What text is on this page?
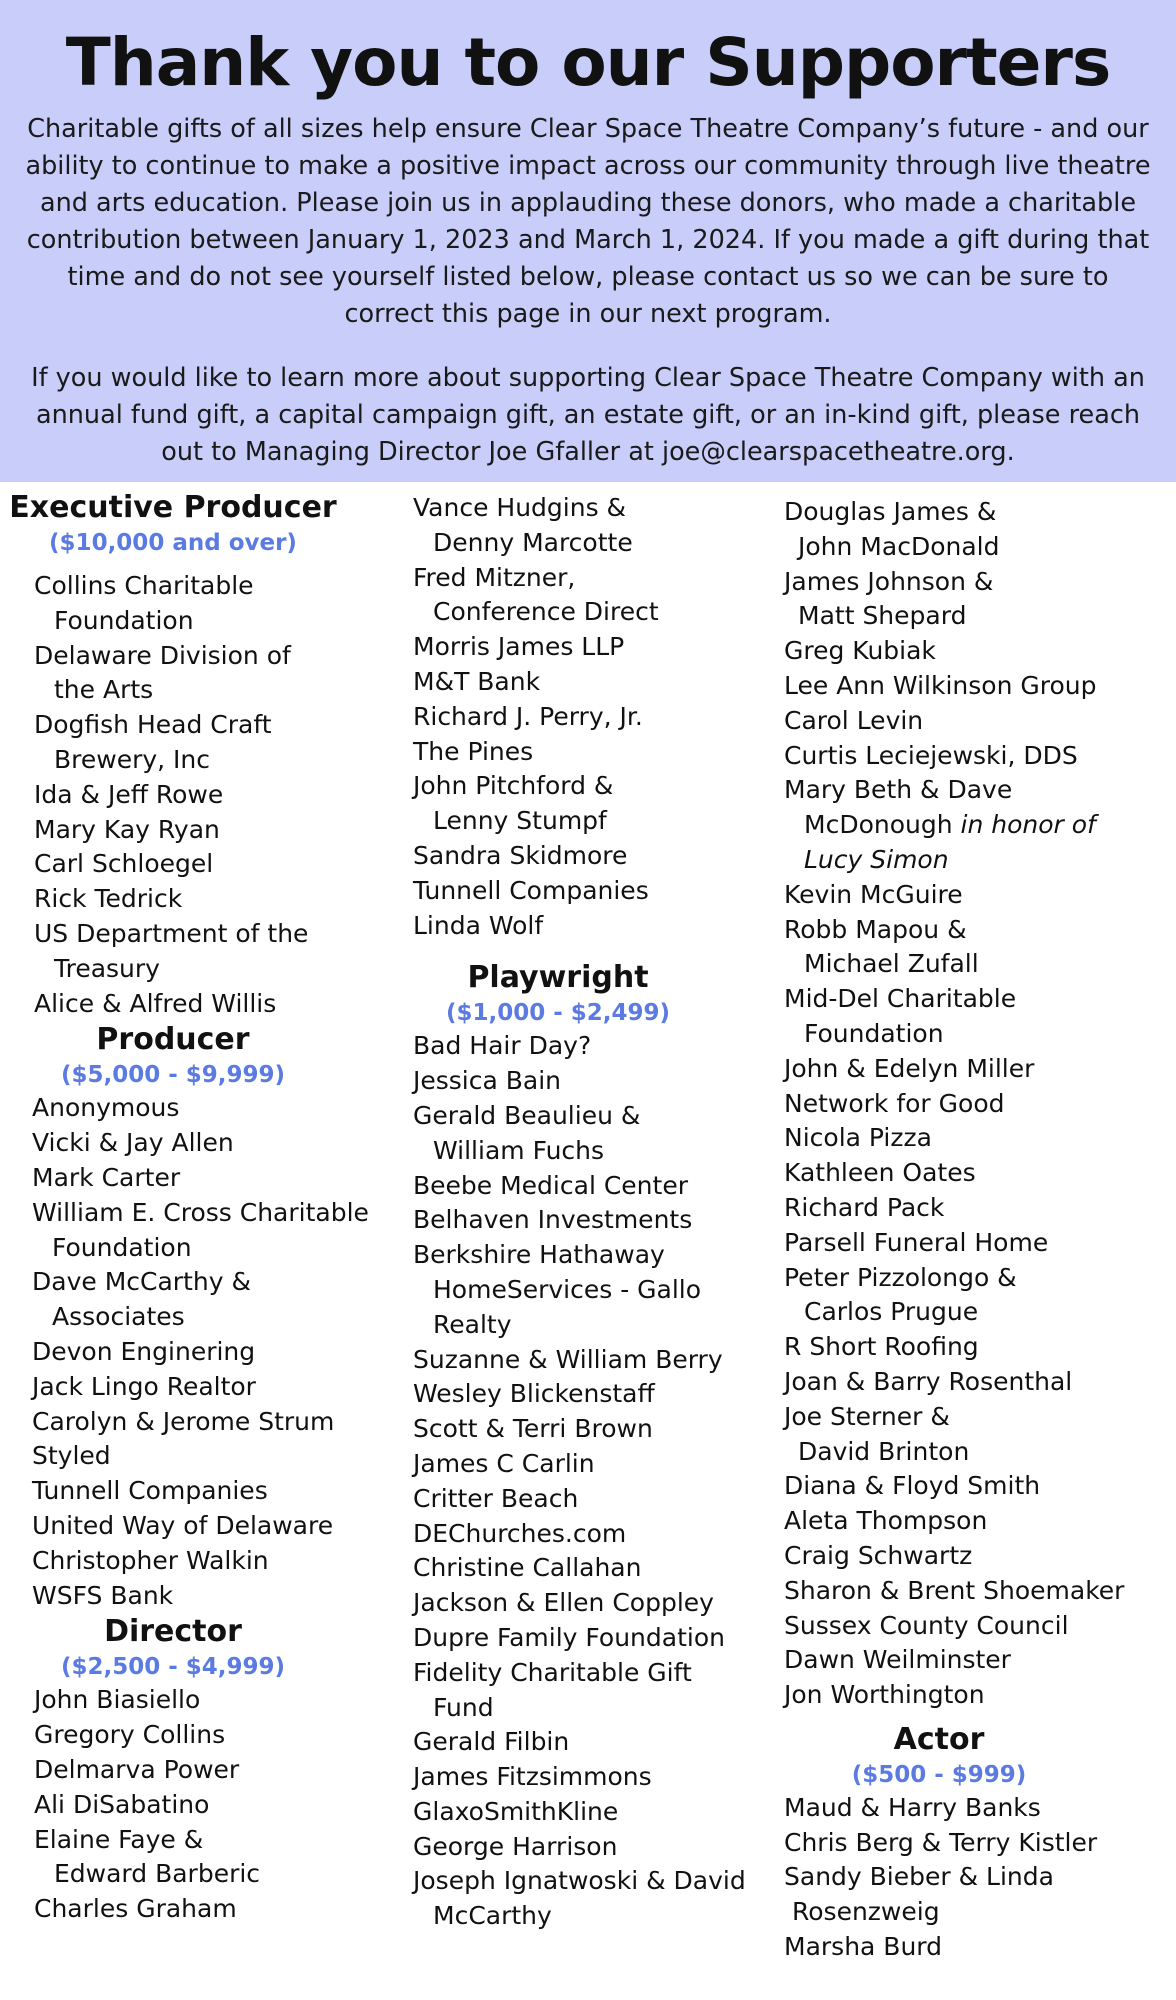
Thank you to our Supporters

Charitable gifts of all sizes help ensure Clear Space Theatre Company’s future - and our ability to continue to make a positive impact across our community through live theatre and arts education. Please join us in applauding these donors, who made a charitable contribution between January 1, 2023 and March 1, 2024. If you made a gift during that time and do not see yourself listed below, please contact us so we can be sure to correct this page in our next program.

If you would like to learn more about supporting Clear Space Theatre Company with an annual fund gift, a capital campaign gift, an estate gift, or an in-kind gift, please reach out to Managing Director Joe Gfaller at joe@clearspacetheatre.org.

Executive Producer
($10,000 and over)
Collins Charitable Foundation
Delaware Division of the Arts
Dogfish Head Craft Brewery, Inc
Ida & Jeff Rowe
Mary Kay Ryan
Carl Schloegel
Rick Tedrick
US Department of the Treasury
Alice & Alfred Willis
Producer
($5,000 - $9,999)
Anonymous
Vicki & Jay Allen
Mark Carter
William E. Cross Charitable Foundation
Dave McCarthy & Associates
Devon Enginering
Jack Lingo Realtor
Carolyn & Jerome Strum
Styled
Tunnell Companies
United Way of Delaware
Christopher Walkin
WSFS Bank
Director
($2,500 - $4,999)
John Biasiello
Gregory Collins
Delmarva Power
Ali DiSabatino
Elaine Faye & Edward Barberic
Charles Graham
Vance Hudgins & Denny Marcotte
Fred Mitzner, Conference Direct
Morris James LLP
M&T Bank
Richard J. Perry, Jr.
The Pines
John Pitchford & Lenny Stumpf
Sandra Skidmore
Tunnell Companies
Linda Wolf
Playwright
($1,000 - $2,499)
Bad Hair Day?
Jessica Bain
Gerald Beaulieu & William Fuchs
Beebe Medical Center
Belhaven Investments
Berkshire Hathaway HomeServices - Gallo Realty
Suzanne & William Berry
Wesley Blickenstaff
Scott & Terri Brown
James C Carlin
Critter Beach
DEChurches.com
Christine Callahan
Jackson & Ellen Coppley
Dupre Family Foundation
Fidelity Charitable Gift Fund
Gerald Filbin
James Fitzsimmons
GlaxoSmithKline
George Harrison
Joseph Ignatwoski & David McCarthy
Douglas James & John MacDonald
James Johnson & Matt Shepard
Greg Kubiak
Lee Ann Wilkinson Group
Carol Levin
Curtis Leciejewski, DDS
Mary Beth & Dave McDonough in honor of Lucy Simon
Kevin McGuire
Robb Mapou & Michael Zufall
Mid-Del Charitable Foundation
John & Edelyn Miller
Network for Good
Nicola Pizza
Kathleen Oates
Richard Pack
Parsell Funeral Home
Peter Pizzolongo & Carlos Prugue
R Short Roofing
Joan & Barry Rosenthal
Joe Sterner & David Brinton
Diana & Floyd Smith
Aleta Thompson
Craig Schwartz
Sharon & Brent Shoemaker
Sussex County Council
Dawn Weilminster
Jon Worthington
Actor
($500 - $999)
Maud & Harry Banks
Chris Berg & Terry Kistler
Sandy Bieber & Linda Rosenzweig
Marsha Burd
